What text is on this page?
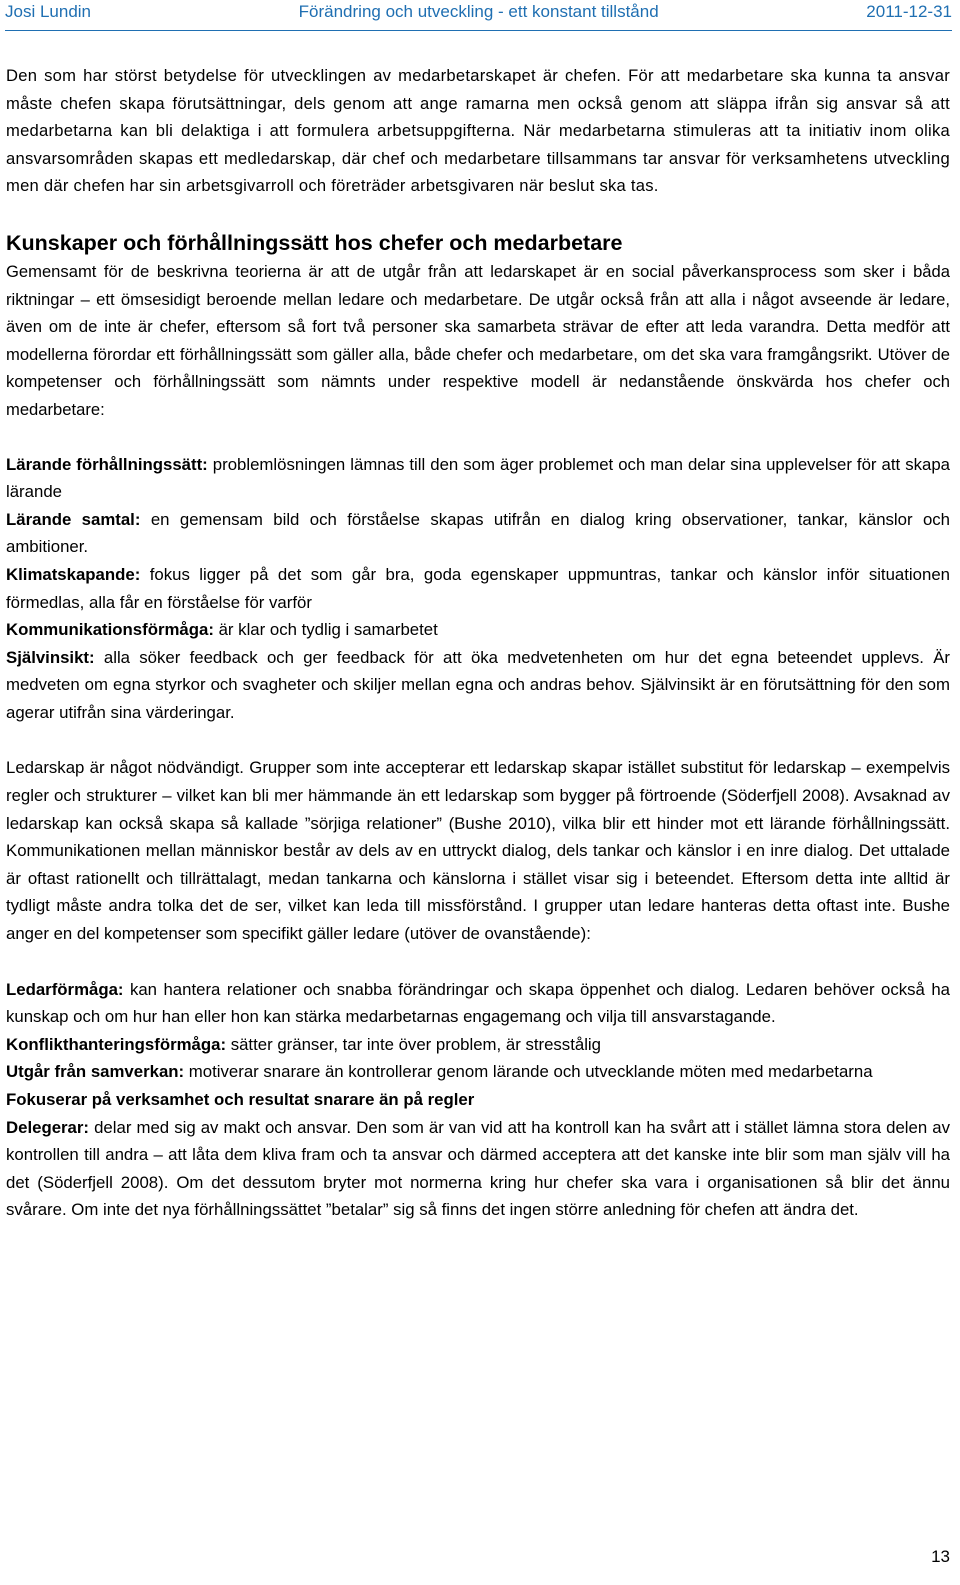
Josi Lundin	Förändring och utveckling - ett konstant tillstånd	2011-12-31

Den som har störst betydelse för utvecklingen av medarbetarskapet är chefen. För att medarbetare ska kunna ta ansvar måste chefen skapa förutsättningar, dels genom att ange ramarna men också genom att släppa ifrån sig ansvar så att medarbetarna kan bli delaktiga i att formulera arbetsuppgifterna. När medarbetarna stimuleras att ta initiativ inom olika ansvarsområden skapas ett medledarskap, där chef och medarbetare tillsammans tar ansvar för verksamhetens utveckling men där chefen har sin arbetsgivarroll och företräder arbetsgivaren när beslut ska tas.

Kunskaper och förhållningssätt hos chefer och medarbetare

Gemensamt för de beskrivna teorierna är att de utgår från att ledarskapet är en social påverkansprocess som sker i båda riktningar – ett ömsesidigt beroende mellan ledare och medarbetare. De utgår också från att alla i något avseende är ledare, även om de inte är chefer, eftersom så fort två personer ska samarbeta strävar de efter att leda varandra. Detta medför att modellerna förordar ett förhållningssätt som gäller alla, både chefer och medarbetare, om det ska vara framgångsrikt. Utöver de kompetenser och förhållningssätt som nämnts under respektive modell är nedanstående önskvärda hos chefer och medarbetare:

Lärande förhållningssätt: problemlösningen lämnas till den som äger problemet och man delar sina upplevelser för att skapa lärande

Lärande samtal: en gemensam bild och förståelse skapas utifrån en dialog kring observationer, tankar, känslor och ambitioner.

Klimatskapande: fokus ligger på det som går bra, goda egenskaper uppmuntras, tankar och känslor inför situationen förmedlas, alla får en förståelse för varför

Kommunikationsförmåga: är klar och tydlig i samarbetet

Självinsikt: alla söker feedback och ger feedback för att öka medvetenheten om hur det egna beteendet upplevs. Är medveten om egna styrkor och svagheter och skiljer mellan egna och andras behov. Självinsikt är en förutsättning för den som agerar utifrån sina värderingar.

Ledarskap är något nödvändigt. Grupper som inte accepterar ett ledarskap skapar istället substitut för ledarskap – exempelvis regler och strukturer – vilket kan bli mer hämmande än ett ledarskap som bygger på förtroende (Söderfjell 2008). Avsaknad av ledarskap kan också skapa så kallade ”sörjiga relationer” (Bushe 2010), vilka blir ett hinder mot ett lärande förhållningssätt. Kommunikationen mellan människor består av dels av en uttryckt dialog, dels tankar och känslor i en inre dialog. Det uttalade är oftast rationellt och tillrättalagt, medan tankarna och känslorna i stället visar sig i beteendet. Eftersom detta inte alltid är tydligt måste andra tolka det de ser, vilket kan leda till missförstånd. I grupper utan ledare hanteras detta oftast inte. Bushe anger en del kompetenser som specifikt gäller ledare (utöver de ovanstående):

Ledarförmåga: kan hantera relationer och snabba förändringar och skapa öppenhet och dialog. Ledaren behöver också ha kunskap och om hur han eller hon kan stärka medarbetarnas engagemang och vilja till ansvarstagande.

Konflikthanteringsförmåga: sätter gränser, tar inte över problem, är stresstålig

Utgår från samverkan: motiverar snarare än kontrollerar genom lärande och utvecklande möten med medarbetarna

Fokuserar på verksamhet och resultat snarare än på regler

Delegerar: delar med sig av makt och ansvar. Den som är van vid att ha kontroll kan ha svårt att i stället lämna stora delen av kontrollen till andra – att låta dem kliva fram och ta ansvar och därmed acceptera att det kanske inte blir som man själv vill ha det (Söderfjell 2008). Om det dessutom bryter mot normerna kring hur chefer ska vara i organisationen så blir det ännu svårare. Om inte det nya förhållningssättet ”betalar” sig så finns det ingen större anledning för chefen att ändra det.

13
